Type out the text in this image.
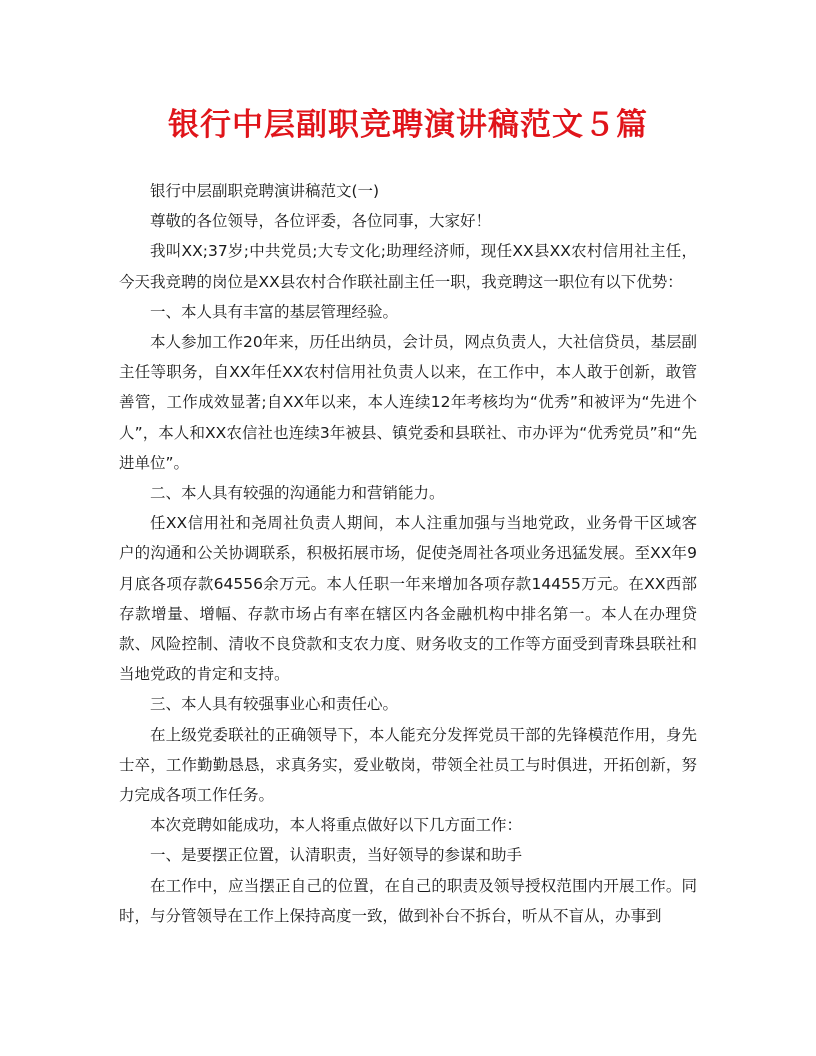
银行中层副职竞聘演讲稿范文５篇

银行中层副职竞聘演讲稿范文(一)

尊敬的各位领导，各位评委，各位同事，大家好！

我叫XX;37岁;中共党员;大专文化;助理经济师，现任XX县XX农村信用社主任，今天我竞聘的岗位是XX县农村合作联社副主任一职，我竞聘这一职位有以下优势：

一、本人具有丰富的基层管理经验。

本人参加工作20年来，历任出纳员，会计员，网点负责人，大社信贷员，基层副主任等职务，自XX年任XX农村信用社负责人以来，在工作中，本人敢于创新，敢管善管，工作成效显著;自XX年以来，本人连续12年考核均为“优秀”和被评为“先进个人”，本人和XX农信社也连续3年被县、镇党委和县联社、市办评为“优秀党员”和“先进单位”。

二、本人具有较强的沟通能力和营销能力。

任XX信用社和尧周社负责人期间，本人注重加强与当地党政，业务骨干区域客户的沟通和公关协调联系，积极拓展市场，促使尧周社各项业务迅猛发展。至XX年9月底各项存款64556余万元。本人任职一年来增加各项存款14455万元。在XX西部存款增量、增幅、存款市场占有率在辖区内各金融机构中排名第一。本人在办理贷款、风险控制、清收不良贷款和支农力度、财务收支的工作等方面受到青珠县联社和当地党政的肯定和支持。

三、本人具有较强事业心和责任心。

在上级党委联社的正确领导下，本人能充分发挥党员干部的先锋模范作用，身先士卒，工作勤勤恳恳，求真务实，爱业敬岗，带领全社员工与时俱进，开拓创新，努力完成各项工作任务。

本次竞聘如能成功，本人将重点做好以下几方面工作：

一、是要摆正位置，认清职责，当好领导的参谋和助手

在工作中，应当摆正自己的位置，在自己的职责及领导授权范围内开展工作。同时，与分管领导在工作上保持高度一致，做到补台不拆台，听从不盲从，办事到
